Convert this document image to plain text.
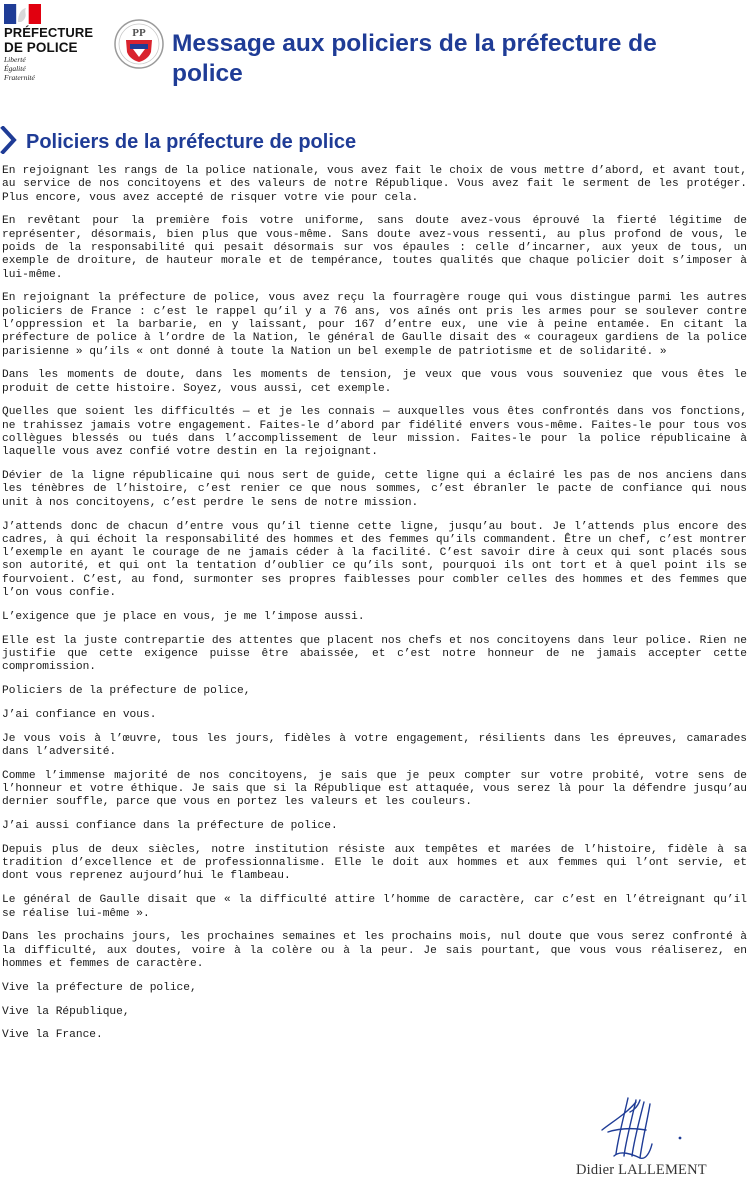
PRÉFECTURE
DE POLICE
Liberté
Égalité
Fraternité
PP Message aux policiers de la préfecture de police
Policiers de la préfecture de police

En rejoignant les rangs de la police nationale, vous avez fait le choix de vous mettre d’abord, et avant tout, au service de nos concitoyens et des valeurs de notre République. Vous avez fait le serment de les protéger. Plus encore, vous avez accepté de risquer votre vie pour cela.

En revêtant pour la première fois votre uniforme, sans doute avez-vous éprouvé la fierté légitime de représenter, désormais, bien plus que vous-même. Sans doute avez-vous ressenti, au plus profond de vous, le poids de la responsabilité qui pesait désormais sur vos épaules : celle d’incarner, aux yeux de tous, un exemple de droiture, de hauteur morale et de tempérance, toutes qualités que chaque policier doit s’imposer à lui-même.

En rejoignant la préfecture de police, vous avez reçu la fourragère rouge qui vous distingue parmi les autres policiers de France : c’est le rappel qu’il y a 76 ans, vos aînés ont pris les armes pour se soulever contre l’oppression et la barbarie, en y laissant, pour 167 d’entre eux, une vie à peine entamée. En citant la préfecture de police à l’ordre de la Nation, le général de Gaulle disait des « courageux gardiens de la police parisienne » qu’ils « ont donné à toute la Nation un bel exemple de patriotisme et de solidarité. »

Dans les moments de doute, dans les moments de tension, je veux que vous vous souveniez que vous êtes le produit de cette histoire. Soyez, vous aussi, cet exemple.

Quelles que soient les difficultés — et je les connais — auxquelles vous êtes confrontés dans vos fonctions, ne trahissez jamais votre engagement. Faites-le d’abord par fidélité envers vous-même. Faites-le pour tous vos collègues blessés ou tués dans l’accomplissement de leur mission. Faites-le pour la police républicaine à laquelle vous avez confié votre destin en la rejoignant.

Dévier de la ligne républicaine qui nous sert de guide, cette ligne qui a éclairé les pas de nos anciens dans les ténèbres de l’histoire, c’est renier ce que nous sommes, c’est ébranler le pacte de confiance qui nous unit à nos concitoyens, c’est perdre le sens de notre mission.

J’attends donc de chacun d’entre vous qu’il tienne cette ligne, jusqu’au bout. Je l’attends plus encore des cadres, à qui échoit la responsabilité des hommes et des femmes qu’ils commandent. Être un chef, c’est montrer l’exemple en ayant le courage de ne jamais céder à la facilité. C’est savoir dire à ceux qui sont placés sous son autorité, et qui ont la tentation d’oublier ce qu’ils sont, pourquoi ils ont tort et à quel point ils se fourvoient. C’est, au fond, surmonter ses propres faiblesses pour combler celles des hommes et des femmes que l’on vous confie.

L’exigence que je place en vous, je me l’impose aussi.

Elle est la juste contrepartie des attentes que placent nos chefs et nos concitoyens dans leur police. Rien ne justifie que cette exigence puisse être abaissée, et c’est notre honneur de ne jamais accepter cette compromission.

Policiers de la préfecture de police,

J’ai confiance en vous.

Je vous vois à l’œuvre, tous les jours, fidèles à votre engagement, résilients dans les épreuves, camarades dans l’adversité.

Comme l’immense majorité de nos concitoyens, je sais que je peux compter sur votre probité, votre sens de l’honneur et votre éthique. Je sais que si la République est attaquée, vous serez là pour la défendre jusqu’au dernier souffle, parce que vous en portez les valeurs et les couleurs.

J’ai aussi confiance dans la préfecture de police.

Depuis plus de deux siècles, notre institution résiste aux tempêtes et marées de l’histoire, fidèle à sa tradition d’excellence et de professionnalisme. Elle le doit aux hommes et aux femmes qui l’ont servie, et dont vous reprenez aujourd’hui le flambeau.

Le général de Gaulle disait que « la difficulté attire l’homme de caractère, car c’est en l’étreignant qu’il se réalise lui-même ».

Dans les prochains jours, les prochaines semaines et les prochains mois, nul doute que vous serez confronté à la difficulté, aux doutes, voire à la colère ou à la peur. Je sais pourtant, que vous vous réaliserez, en hommes et femmes de caractère.

Vive la préfecture de police,

Vive la République,

Vive la France.

Didier LALLEMENT
